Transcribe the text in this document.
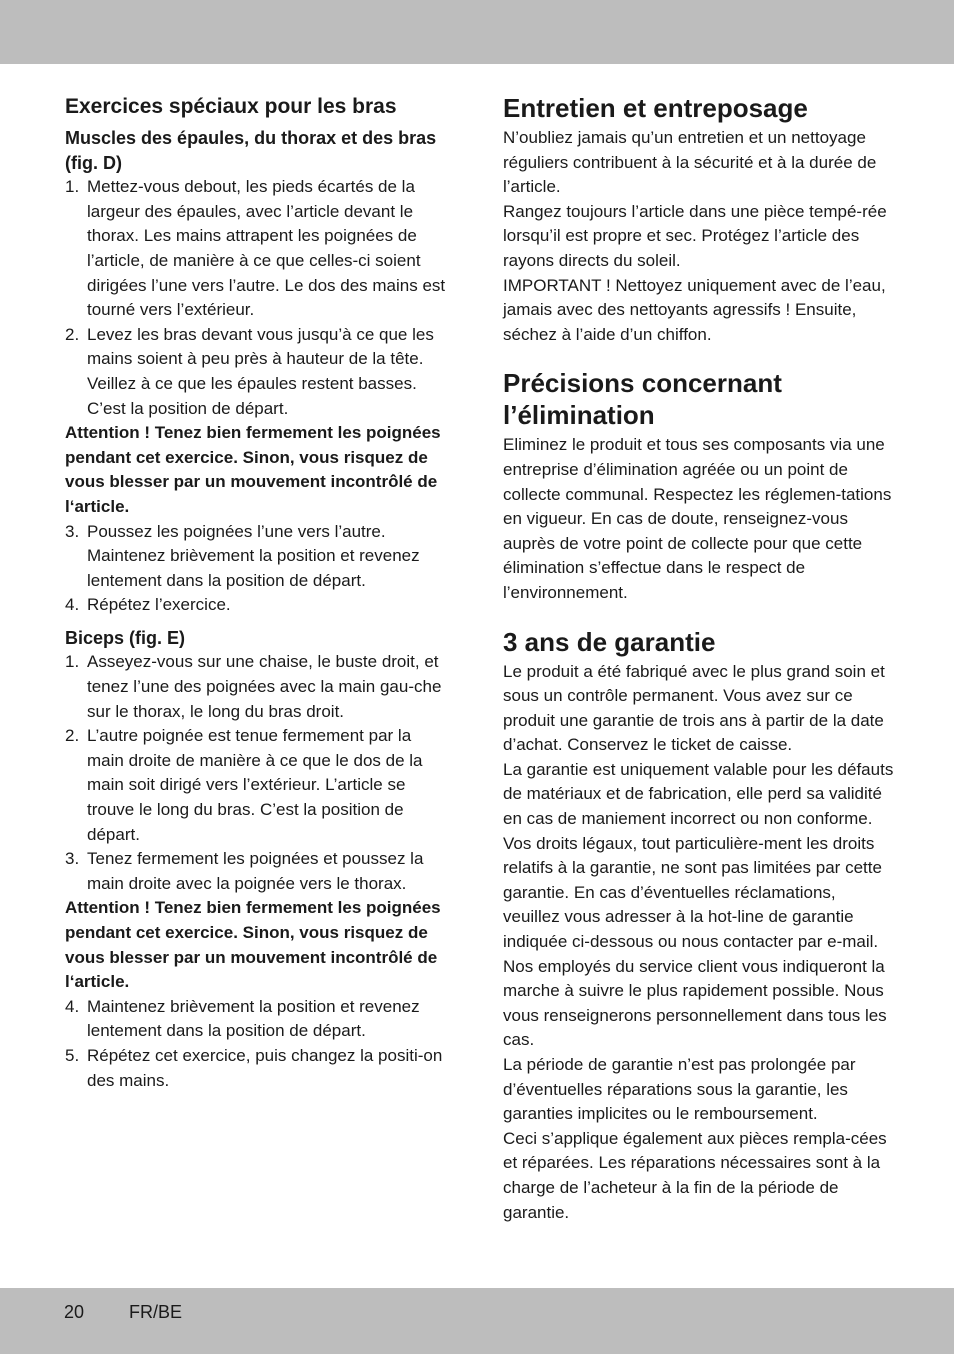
Exercices spéciaux pour les bras
Muscles des épaules, du thorax et des bras (fig. D)
1. Mettez-vous debout, les pieds écartés de la largeur des épaules, avec l’article devant le thorax. Les mains attrapent les poignées de l’article, de manière à ce que celles-ci soient dirigées l’une vers l’autre. Le dos des mains est tourné vers l’extérieur.
2. Levez les bras devant vous jusqu’à ce que les mains soient à peu près à hauteur de la tête. Veillez à ce que les épaules restent basses. C’est la position de départ.

Attention ! Tenez bien fermement les poignées pendant cet exercice. Sinon, vous risquez de vous blesser par un mouvement incontrôlé de l‘article.

3. Poussez les poignées l’une vers l’autre. Maintenez brièvement la position et revenez lentement dans la position de départ.
4. Répétez l’exercice.
Biceps (fig. E)
1. Asseyez-vous sur une chaise, le buste droit, et tenez l’une des poignées avec la main gau-che sur le thorax, le long du bras droit.
2. L’autre poignée est tenue fermement par la main droite de manière à ce que le dos de la main soit dirigé vers l’extérieur. L’article se trouve le long du bras. C’est la position de départ.
3. Tenez fermement les poignées et poussez la main droite avec la poignée vers le thorax.

Attention ! Tenez bien fermement les poignées pendant cet exercice. Sinon, vous risquez de vous blesser par un mouvement incontrôlé de l‘article.

4. Maintenez brièvement la position et revenez lentement dans la position de départ.
5. Répétez cet exercice, puis changez la positi-on des mains.
Entretien et entreposage

N’oubliez jamais qu’un entretien et un nettoyage réguliers contribuent à la sécurité et à la durée de l’article.

Rangez toujours l’article dans une pièce tempé-rée lorsqu’il est propre et sec. Protégez l’article des rayons directs du soleil.

IMPORTANT ! Nettoyez uniquement avec de l’eau, jamais avec des nettoyants agressifs ! Ensuite, séchez à l’aide d’un chiffon.

Précisions concernant
l’élimination

Eliminez le produit et tous ses composants via une entreprise d’élimination agréée ou un point de collecte communal. Respectez les réglemen-tations en vigueur. En cas de doute, renseignez-vous auprès de votre point de collecte pour que cette élimination s’effectue dans le respect de l’environnement.

3 ans de garantie

Le produit a été fabriqué avec le plus grand soin et sous un contrôle permanent. Vous avez sur ce produit une garantie de trois ans à partir de la date d’achat. Conservez le ticket de caisse.

La garantie est uniquement valable pour les défauts de matériaux et de fabrication, elle perd sa validité en cas de maniement incorrect ou non conforme. Vos droits légaux, tout particulière-ment les droits relatifs à la garantie, ne sont pas limitées par cette garantie. En cas d’éventuelles réclamations, veuillez vous adresser à la hot-line de garantie indiquée ci-dessous ou nous contacter par e-mail. Nos employés du service client vous indiqueront la marche à suivre le plus rapidement possible. Nous vous renseignerons personnellement dans tous les cas.

La période de garantie n’est pas prolongée par d’éventuelles réparations sous la garantie, les garanties implicites ou le remboursement.

Ceci s’applique également aux pièces rempla-cées et réparées. Les réparations nécessaires sont à la charge de l’acheteur à la fin de la période de garantie.

20 FR/BE
